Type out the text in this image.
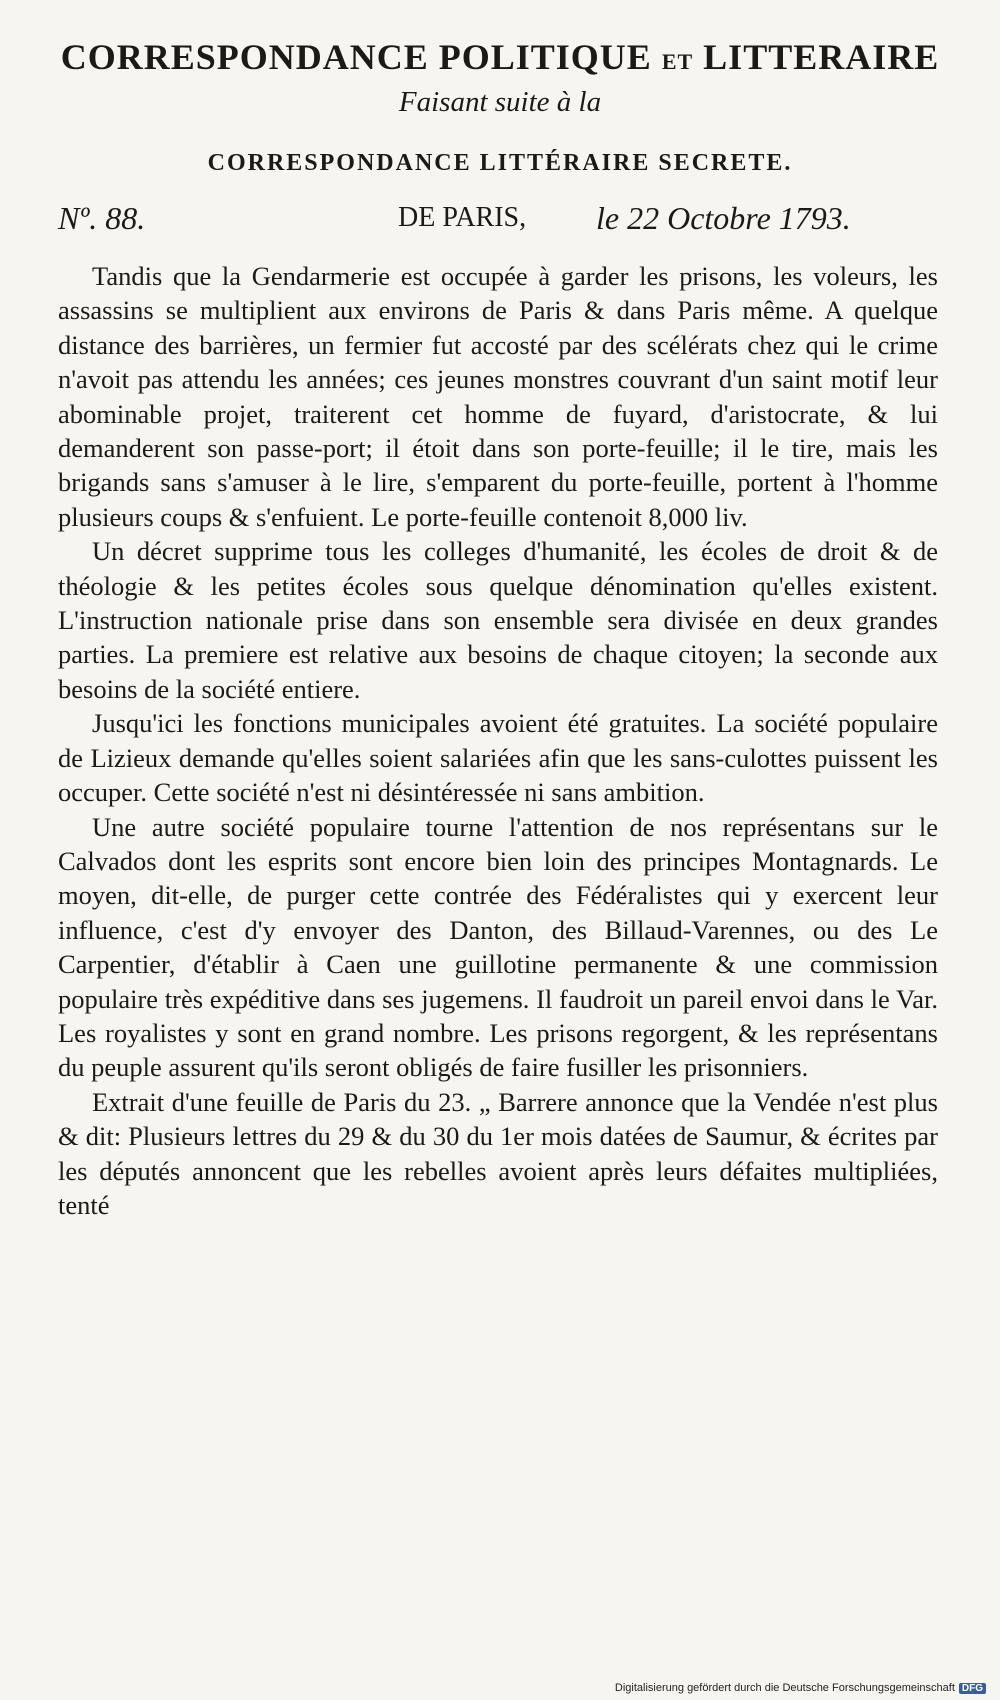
CORRESPONDANCE POLITIQUE ET LITTERAIRE
Faisant suite à la
CORRESPONDANCE LITTÉRAIRE SECRETE.
Nº. 88.	DE PARIS, le 22 Octobre 1793.

Tandis que la Gendarmerie est occupée à garder les prisons, les voleurs, les assassins se multiplient aux environs de Paris & dans Paris même. A quelque distance des barrières, un fermier fut accosté par des scélérats chez qui le crime n'avoit pas attendu les années; ces jeunes monstres couvrant d'un saint motif leur abominable projet, traiterent cet homme de fuyard, d'aristocrate, & lui demanderent son passe-port; il étoit dans son porte-feuille; il le tire, mais les brigands sans s'amuser à le lire, s'emparent du porte-feuille, portent à l'homme plusieurs coups & s'enfuient. Le porte-feuille contenoit 8,000 liv.

Un décret supprime tous les colleges d'humanité, les écoles de droit & de théologie & les petites écoles sous quelque dénomination qu'elles existent. L'instruction nationale prise dans son ensemble sera divisée en deux grandes parties. La premiere est relative aux besoins de chaque citoyen; la seconde aux besoins de la société entiere.

Jusqu'ici les fonctions municipales avoient été gratuites. La société populaire de Lizieux demande qu'elles soient salariées afin que les sans-culottes puissent les occuper. Cette société n'est ni désintéressée ni sans ambition.

Une autre société populaire tourne l'attention de nos représentans sur le Calvados dont les esprits sont encore bien loin des principes Montagnards. Le moyen, dit-elle, de purger cette contrée des Fédéralistes qui y exercent leur influence, c'est d'y envoyer des Danton, des Billaud-Varennes, ou des Le Carpentier, d'établir à Caen une guillotine permanente & une commission populaire très expéditive dans ses jugemens. Il faudroit un pareil envoi dans le Var. Les royalistes y sont en grand nombre. Les prisons regorgent, & les représentans du peuple assurent qu'ils seront obligés de faire fusiller les prisonniers.

Extrait d'une feuille de Paris du 23. „ Barrere annonce que la Vendée n'est plus & dit: Plusieurs lettres du 29 & du 30 du 1er mois datées de Saumur, & écrites par les députés annoncent que les rebelles avoient après leurs défaites multipliées, tenté

Digitalisierung gefördert durch die Deutsche Forschungsgemeinschaft DFG
